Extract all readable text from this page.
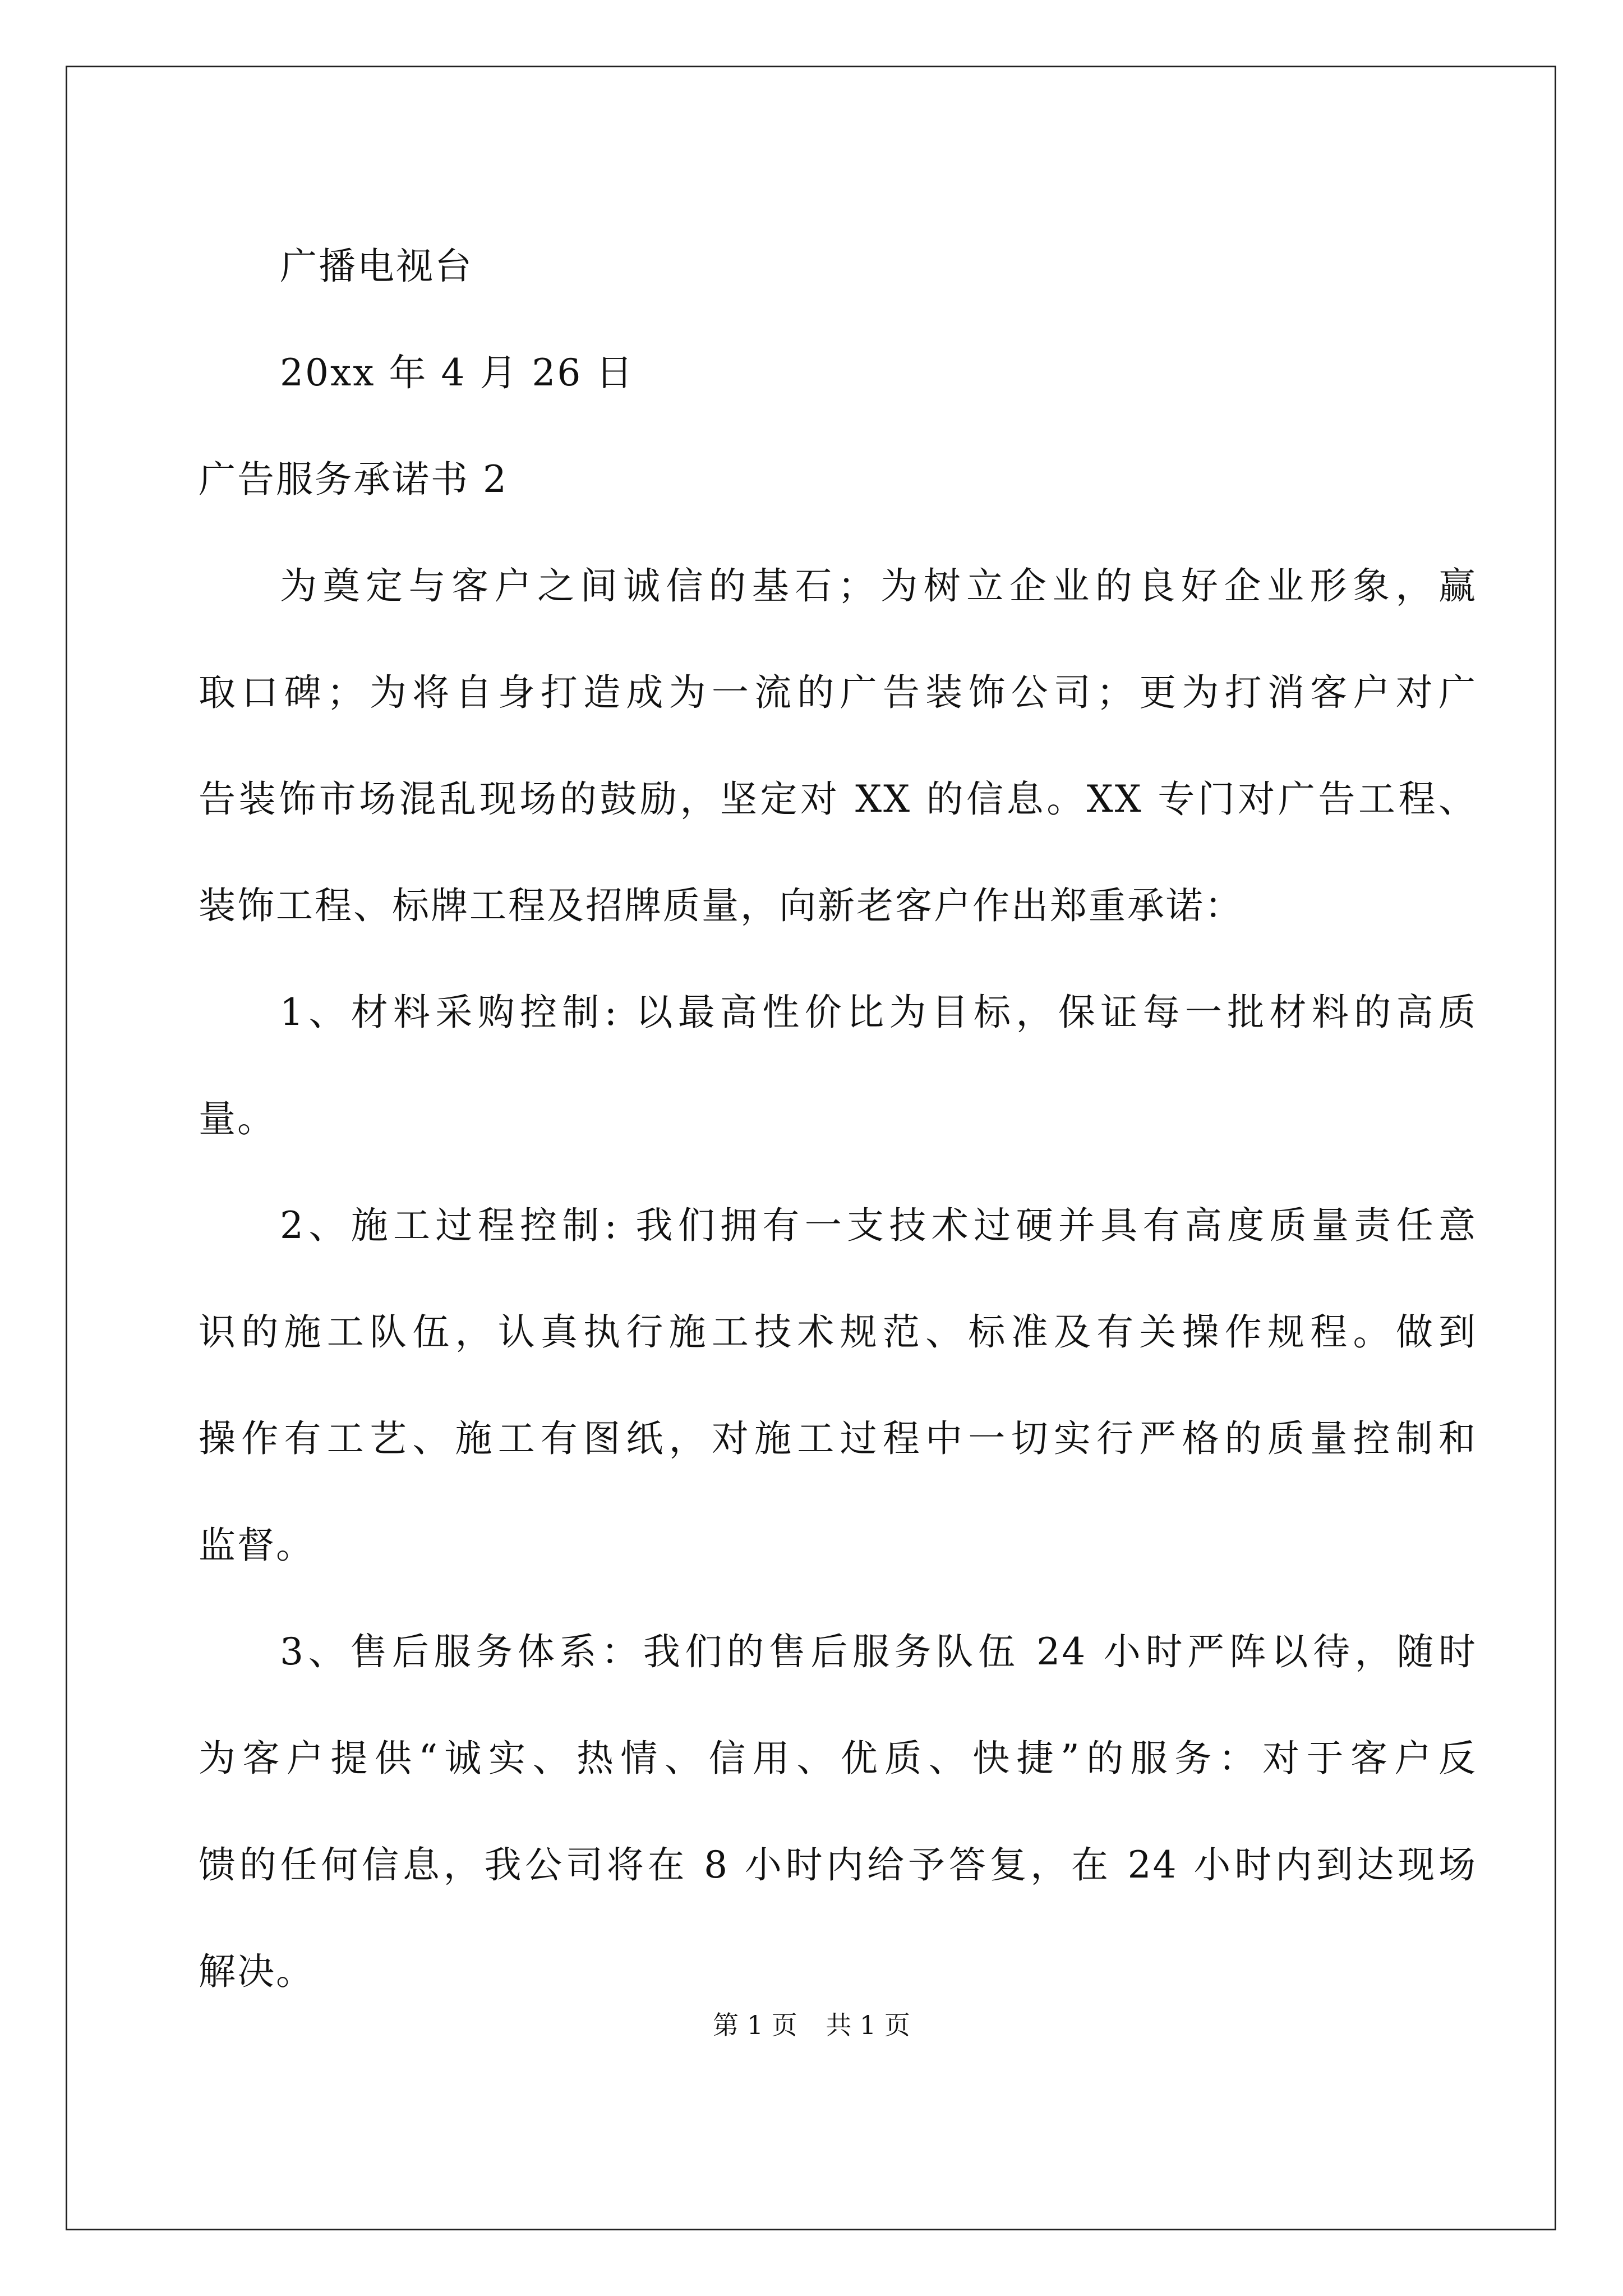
广播电视台
20xx 年 4 月 26 日
广告服务承诺书 2
为奠定与客户之间诚信的基石；为树立企业的良好企业形象，赢
取口碑；为将自身打造成为一流的广告装饰公司；更为打消客户对广
告装饰市场混乱现场的鼓励，坚定对 XX 的信息。XX 专门对广告工程、
装饰工程、标牌工程及招牌质量，向新老客户作出郑重承诺：
1、材料采购控制: 以最高性价比为目标，保证每一批材料的高质
量。
2、施工过程控制: 我们拥有一支技术过硬并具有高度质量责任意
识的施工队伍，认真执行施工技术规范、标准及有关操作规程。做到
操作有工艺、施工有图纸，对施工过程中一切实行严格的质量控制和
监督。
3、售后服务体系：我们的售后服务队伍 24 小时严阵以待，随时
为客户提供“诚实、热情、信用、优质、快捷”的服务：对于客户反
馈的任何信息，我公司将在 8 小时内给予答复，在 24 小时内到达现场
解决。
第 1 页 共 1 页
